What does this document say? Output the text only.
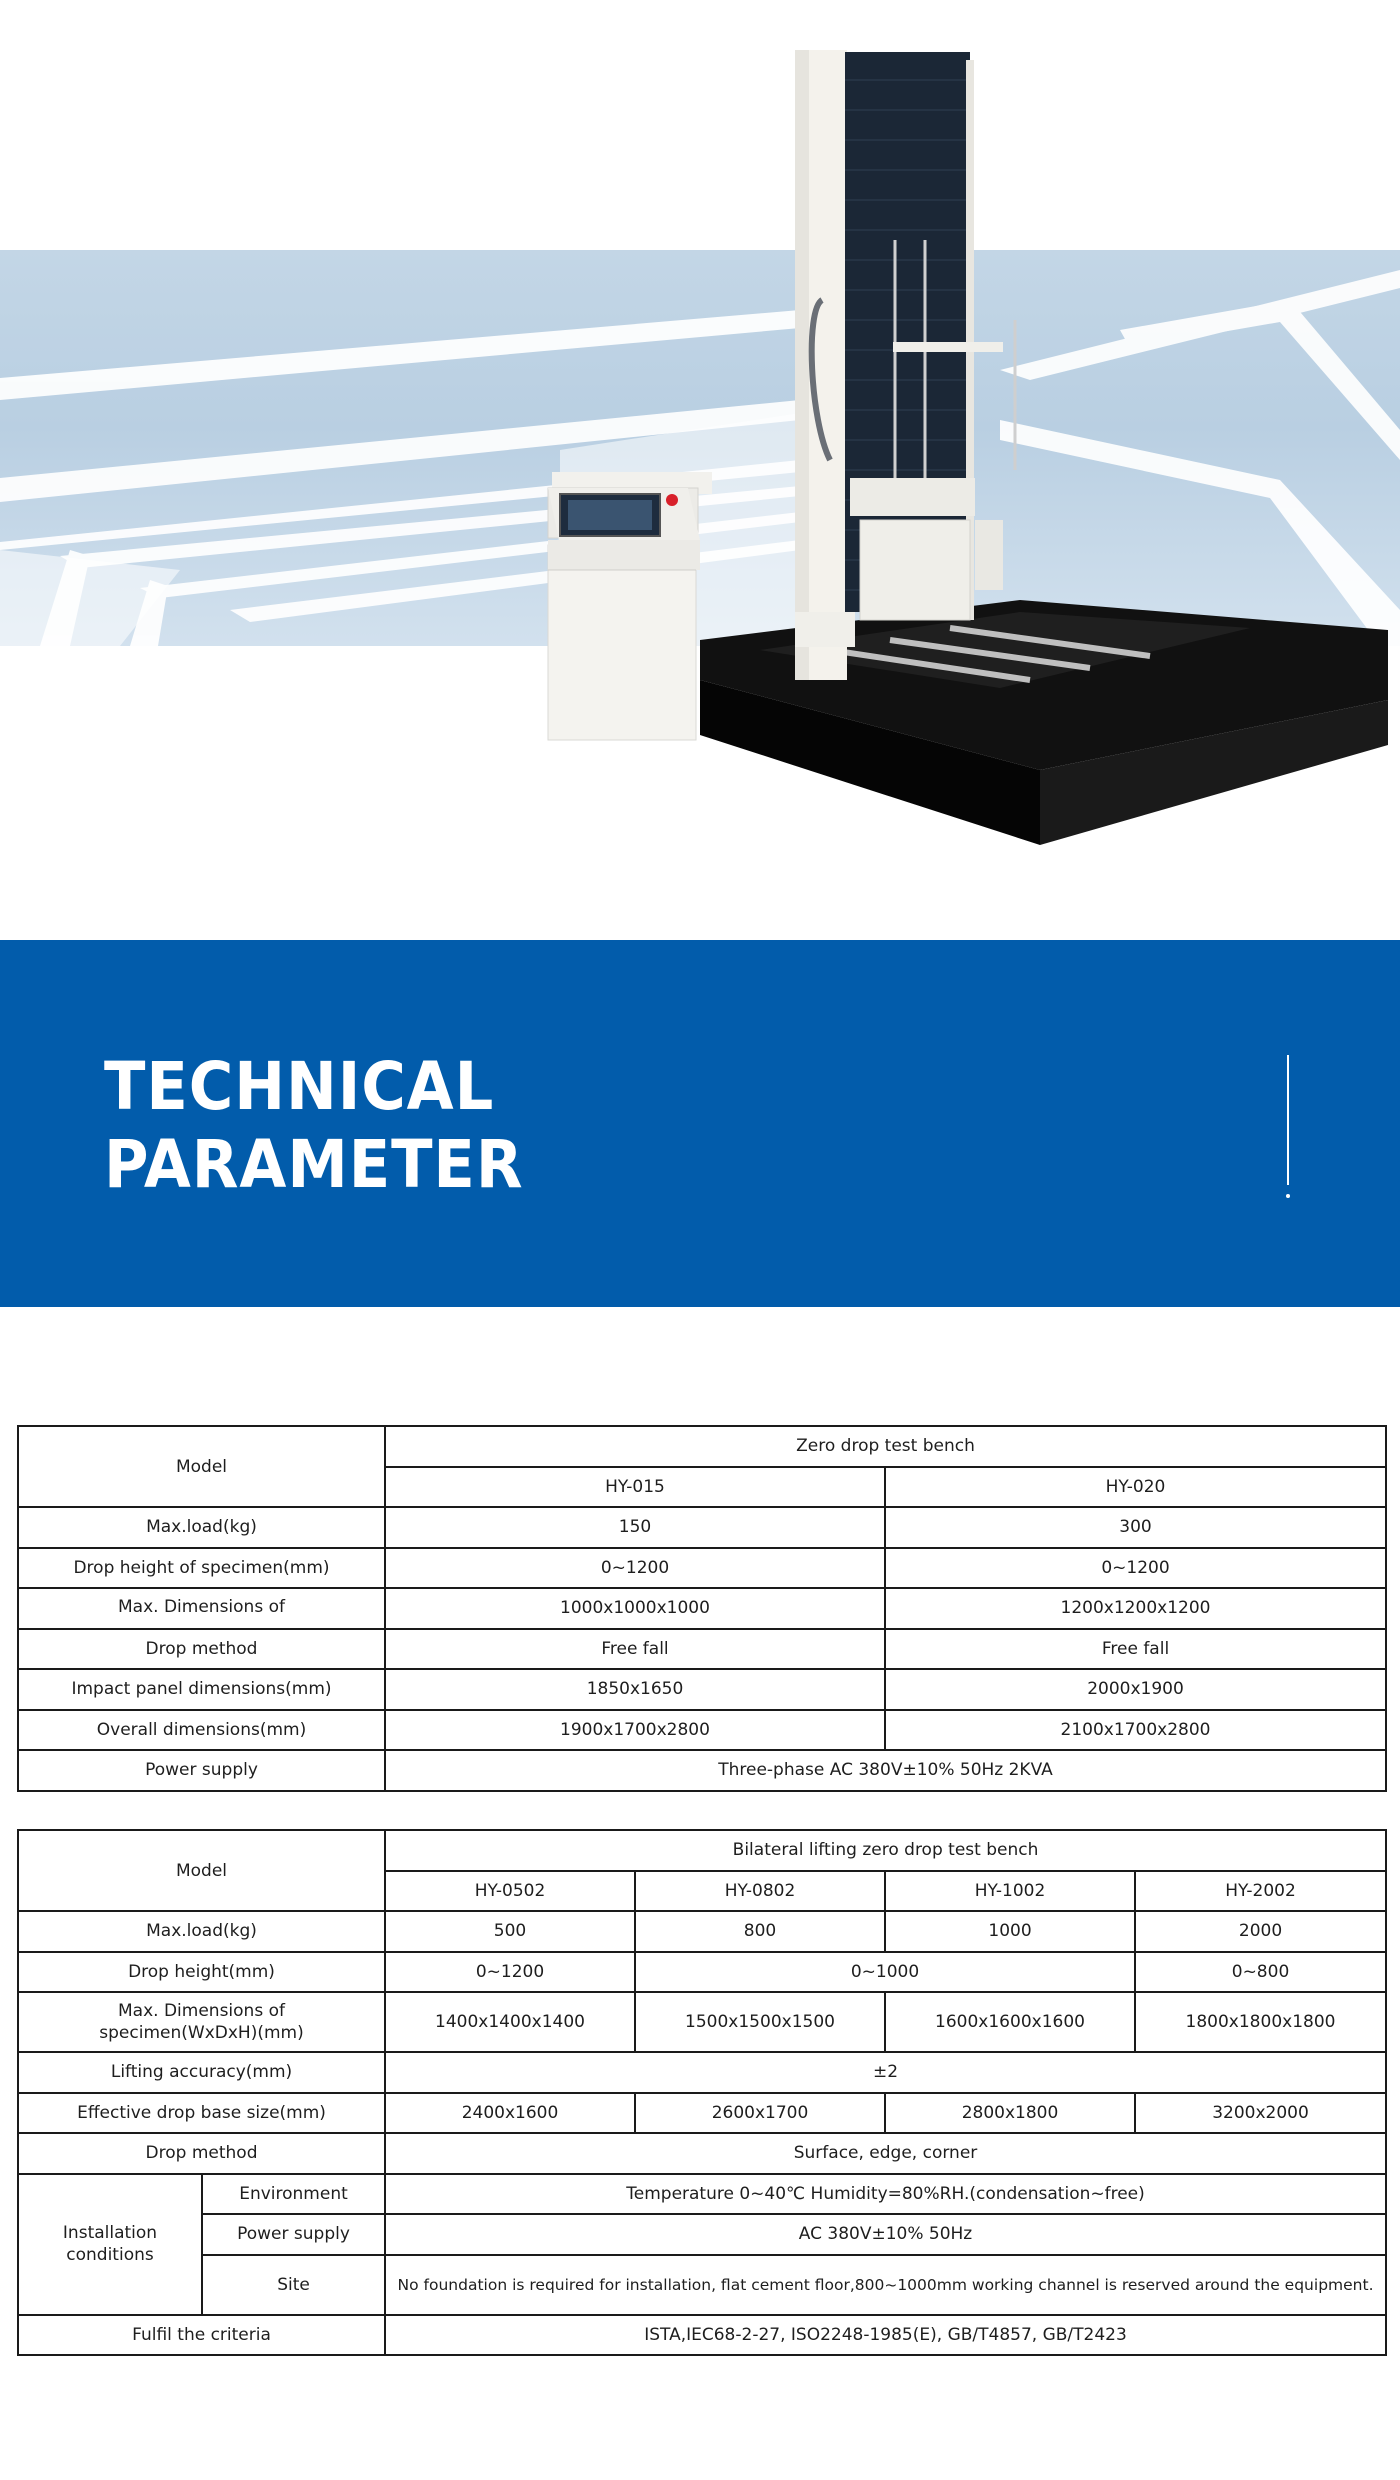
TECHNICAL
PARAMETER
Model	Zero drop test bench	
	HY-015	HY-020
Max.load(kg)	150	300
Drop height of specimen(mm)	0~1200	0~1200

Max. Dimensions of	1000x1000x1000	1200x1200x1200
Drop method	Free fall	Free fall
Impact panel dimensions(mm)	1850x1650	2000x1900
Overall dimensions(mm)	1900x1700x2800	2100x1700x2800
Power supply	Three-phase AC 380V±10% 50Hz 2KVA	
Model		Bilateral lifting zero drop test bench			
		HY-0502	HY-0802	HY-1002	HY-2002
Max.load(kg)		500	800	1000	2000
Drop height(mm)		0~1200	0~1000		0~800

Max. Dimensions of
specimen(WxDxH)(mm)		1400x1400x1400	1500x1500x1500	1600x1600x1600	1800x1800x1800
Lifting accuracy(mm)		±2			
Effective drop base size(mm)		2400x1600	2600x1700	2800x1800	3200x2000
Drop method		Surface, edge, corner			

Installation
conditions	Environment	Temperature 0~40℃ Humidity=80%RH.(condensation~free)			
	Power supply	AC 380V±10% 50Hz			
	Site	No foundation is required for installation, flat cement floor,800~1000mm working channel is reserved around the equipment.			
Fulfil the criteria		ISTA,IEC68-2-27, ISO2248-1985(E), GB/T4857, GB/T2423			
